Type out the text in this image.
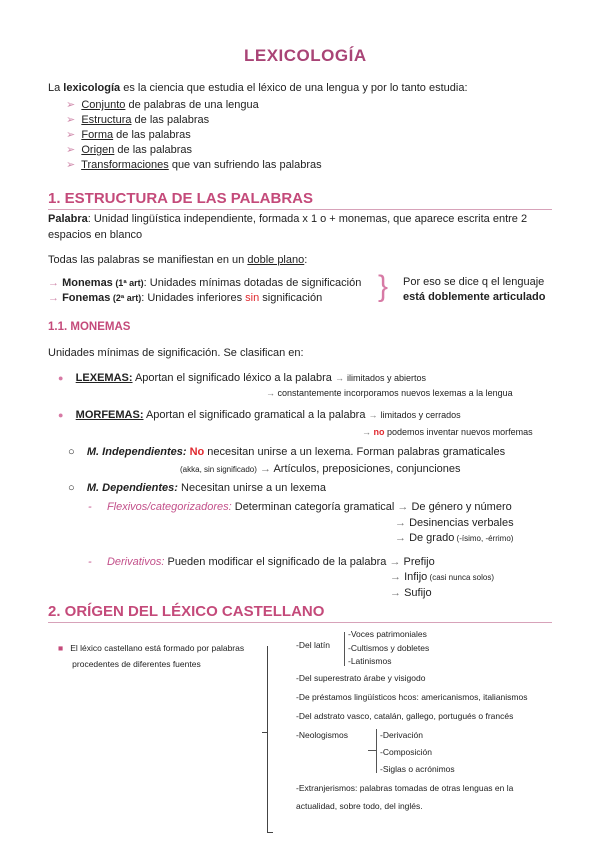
LEXICOLOGÍA
La lexicología es la ciencia que estudia el léxico de una lengua y por lo tanto estudia:
➢ Conjunto de palabras de una lengua
➢ Estructura de las palabras
➢ Forma de las palabras
➢ Origen de las palabras
➢ Transformaciones que van sufriendo las palabras
1. ESTRUCTURA DE LAS PALABRAS
Palabra: Unidad lingüística independiente, formada x 1 o + monemas, que aparece escrita entre 2
espacios en blanco
Todas las palabras se manifiestan en un doble plano:
→ Monemas (1ª art): Unidades mínimas dotadas de significación
→ Fonemas (2ª art): Unidades inferiores sin significación } Por eso se dice q el lenguaje
está doblemente articulado
1.1. MONEMAS
Unidades mínimas de significación. Se clasifican en:
● LEXEMAS: Aportan el significado léxico a la palabra → ilimitados y abiertos
→ constantemente incorporamos nuevos lexemas a la lengua
● MORFEMAS: Aportan el significado gramatical a la palabra → limitados y cerrados
→ no podemos inventar nuevos morfemas
○ M. Independientes: No necesitan unirse a un lexema. Forman palabras gramaticales
(akka, sin significado) → Artículos, preposiciones, conjunciones
○ M. Dependientes: Necesitan unirse a un lexema
- Flexivos/categorizadores: Determinan categoría gramatical → De género y número
→ Desinencias verbales
→ De grado (-ísimo, -érrimo)
- Derivativos: Pueden modificar el significado de la palabra → Prefijo
→ Infijo (casi nunca solos)
→ Sufijo
2. ORÍGEN DEL LÉXICO CASTELLANO
■ El léxico castellano está formado por palabras
procedentes de diferentes fuentes
-Del latín
-Voces patrimoniales
-Cultismos y dobletes
-Latinismos
-Del superestrato árabe y visigodo
-De préstamos lingüísticos hcos: americanismos, italianismos
-Del adstrato vasco, catalán, gallego, portugués o francés
-Neologismos	-Derivación
-Composición
-Siglas o acrónimos
-Extranjerismos: palabras tomadas de otras lenguas en la
actualidad, sobre todo, del inglés.
